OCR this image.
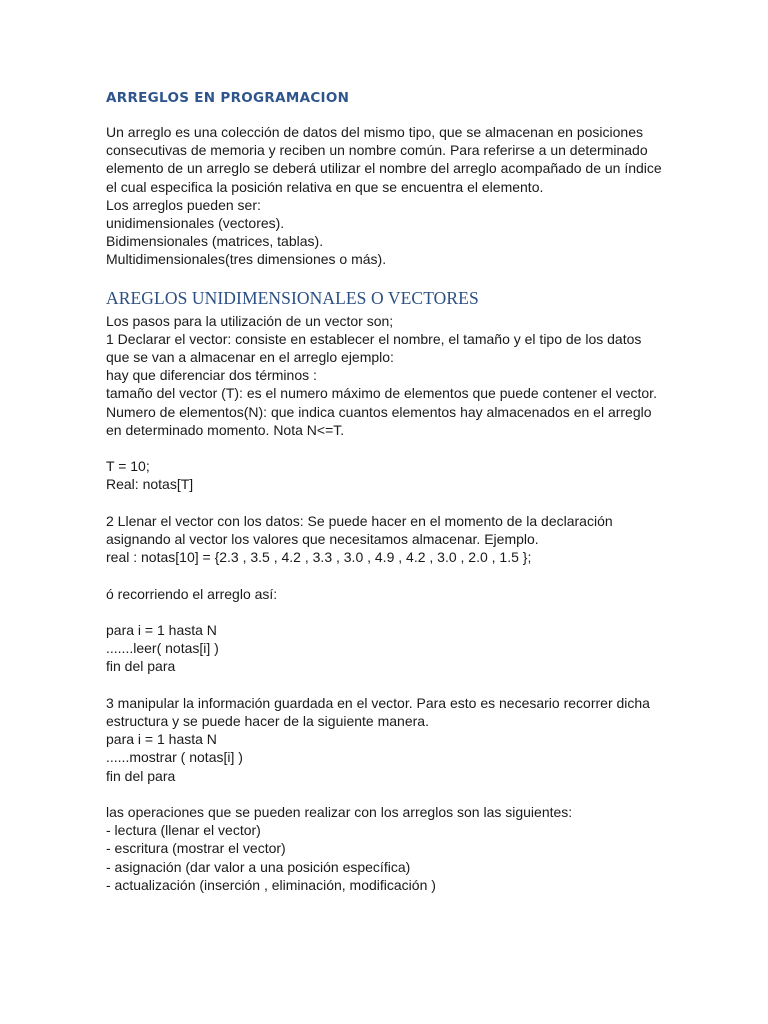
ARREGLOS EN PROGRAMACION
Un arreglo es una colección de datos del mismo tipo, que se almacenan en posiciones
consecutivas de memoria y reciben un nombre común. Para referirse a un determinado
elemento de un arreglo se deberá utilizar el nombre del arreglo acompañado de un índice
el cual especifica la posición relativa en que se encuentra el elemento.
Los arreglos pueden ser:
unidimensionales (vectores).
Bidimensionales (matrices, tablas).
Multidimensionales(tres dimensiones o más).
AREGLOS UNIDIMENSIONALES O VECTORES
Los pasos para la utilización de un vector son;
1 Declarar el vector: consiste en establecer el nombre, el tamaño y el tipo de los datos
que se van a almacenar en el arreglo ejemplo:
hay que diferenciar dos términos :
tamaño del vector (T): es el numero máximo de elementos que puede contener el vector.
Numero de elementos(N): que indica cuantos elementos hay almacenados en el arreglo
en determinado momento. Nota N<=T.
T = 10;
Real: notas[T]
2 Llenar el vector con los datos: Se puede hacer en el momento de la declaración
asignando al vector los valores que necesitamos almacenar. Ejemplo.
real : notas[10] = {2.3 , 3.5 , 4.2 , 3.3 , 3.0 , 4.9 , 4.2 , 3.0 , 2.0 , 1.5 };
ó recorriendo el arreglo así:
para i = 1 hasta N
.......leer( notas[i] )
fin del para
3 manipular la información guardada en el vector. Para esto es necesario recorrer dicha
estructura y se puede hacer de la siguiente manera.
para i = 1 hasta N
......mostrar ( notas[i] )
fin del para
las operaciones que se pueden realizar con los arreglos son las siguientes:
- lectura (llenar el vector)
- escritura (mostrar el vector)
- asignación (dar valor a una posición específica)
- actualización (inserción , eliminación, modificación )
